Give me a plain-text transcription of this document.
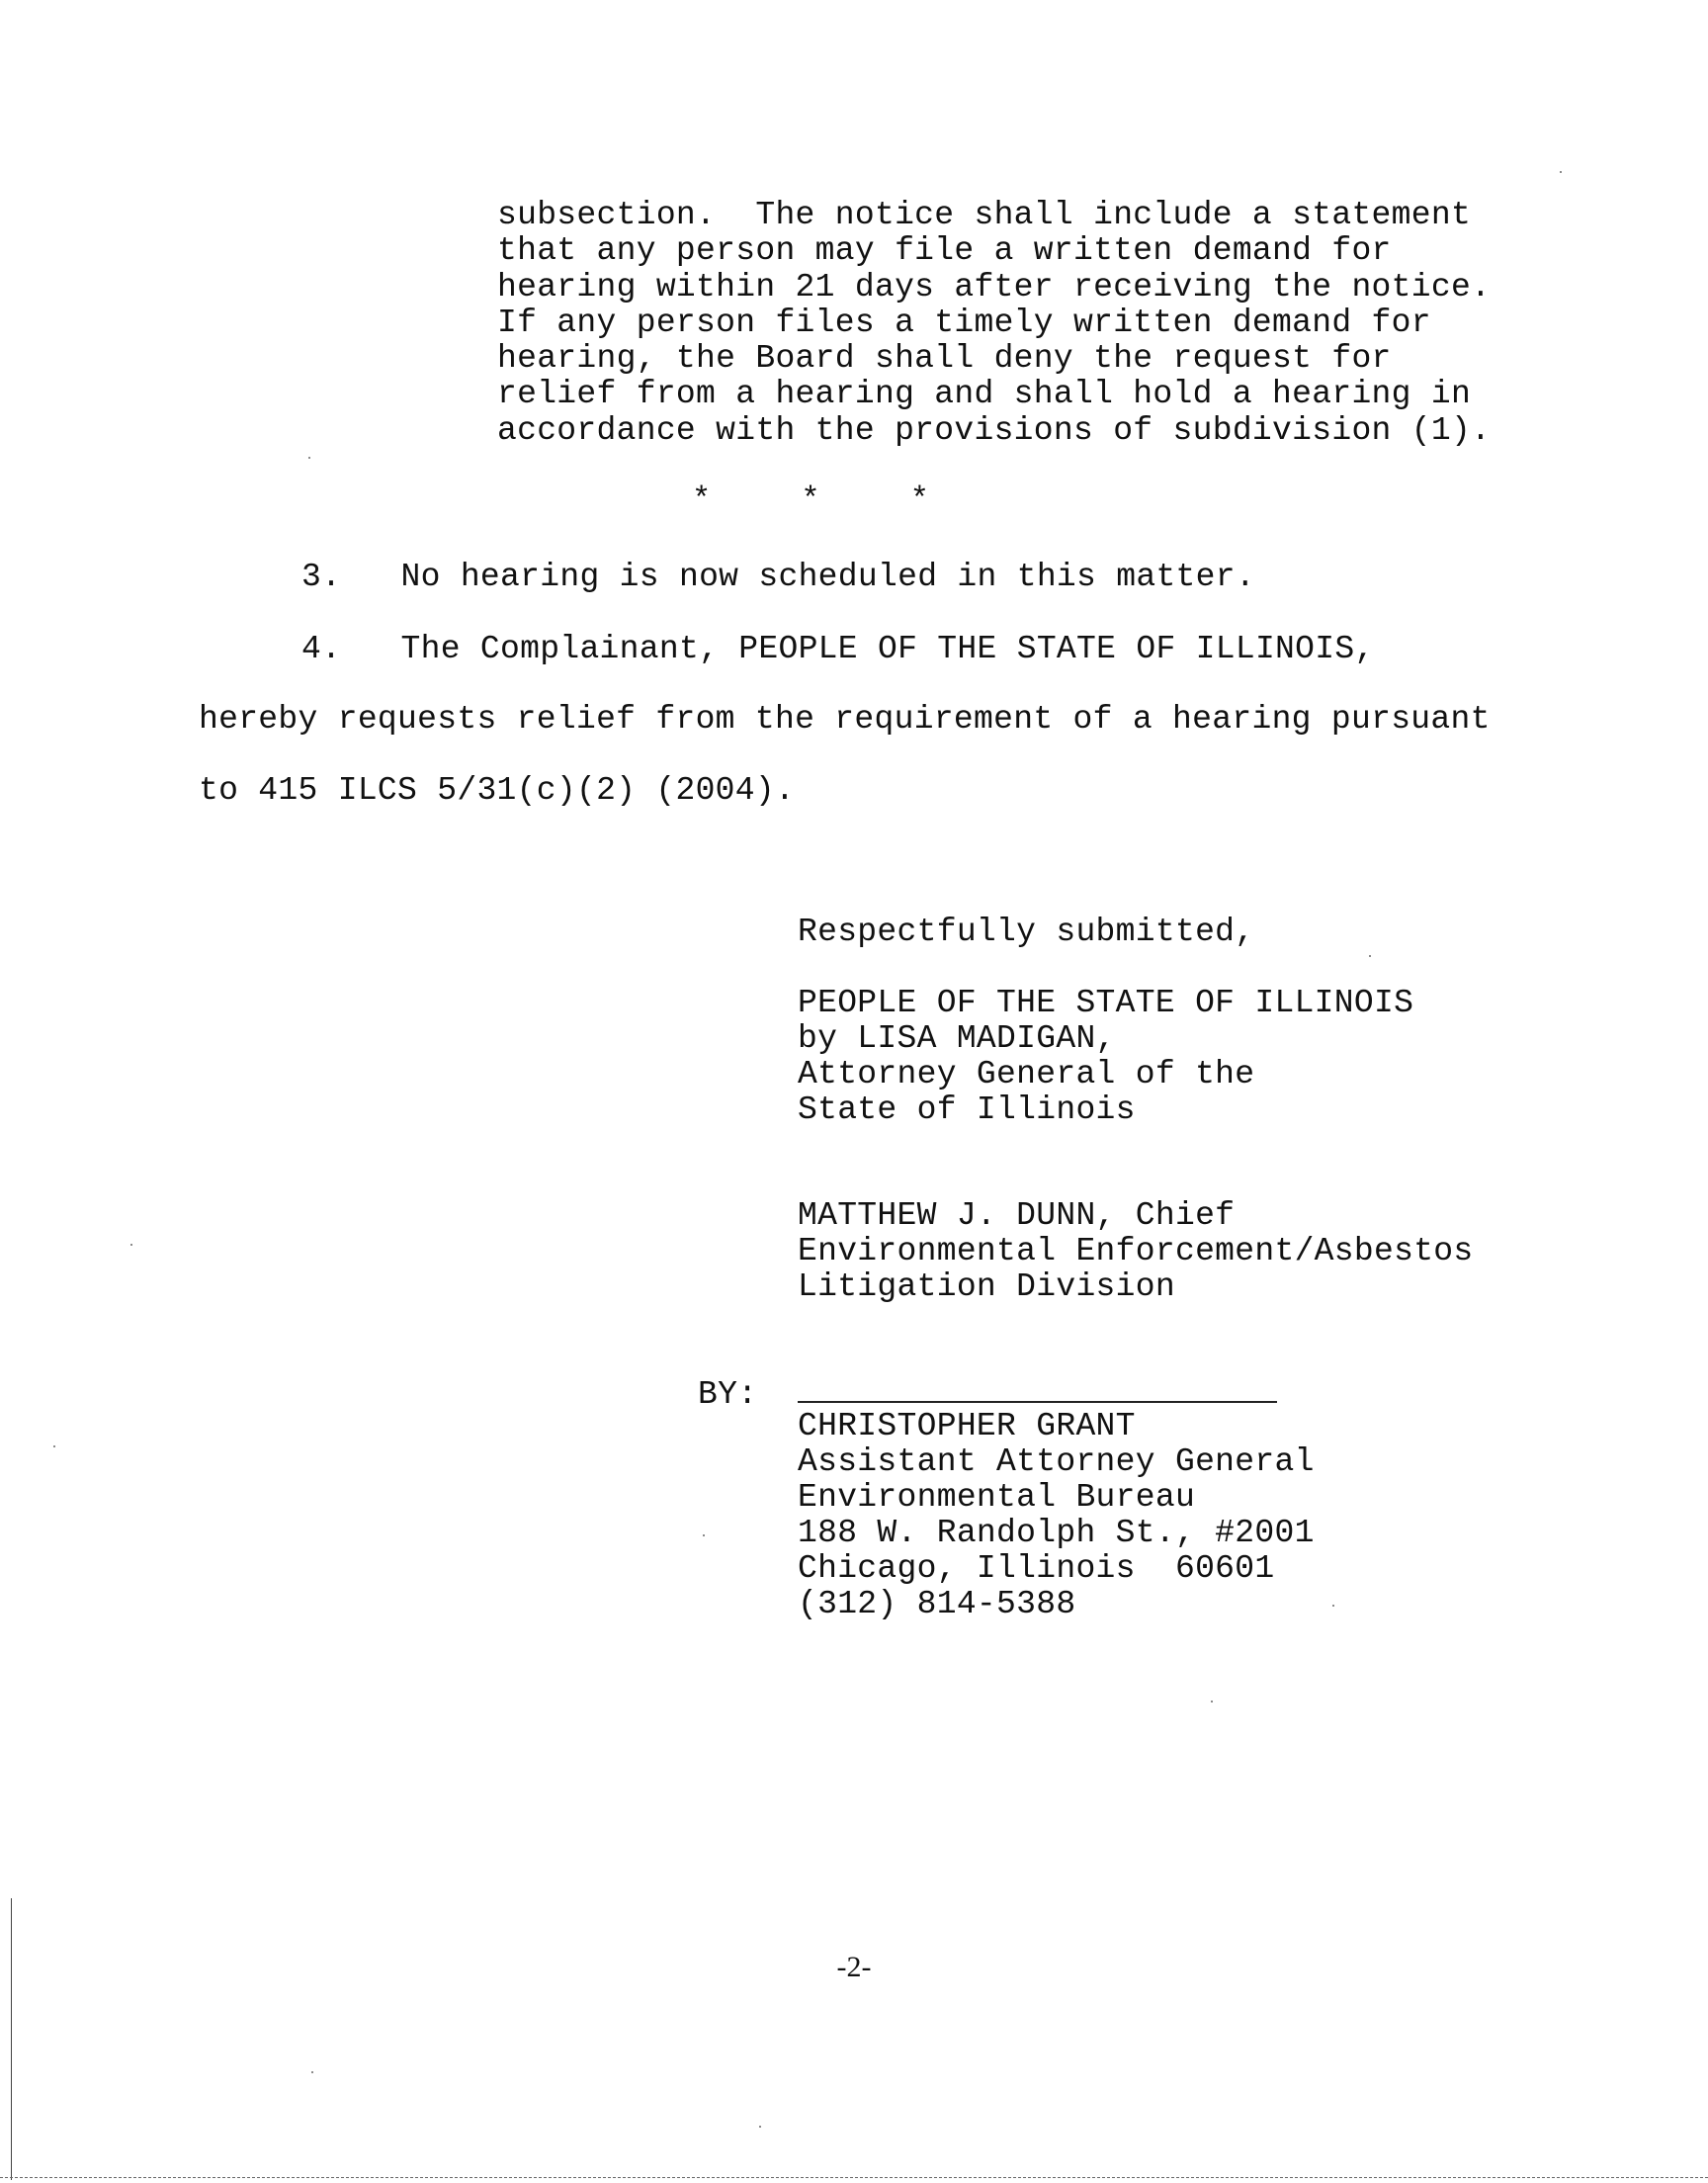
subsection.  The notice shall include a statement
that any person may file a written demand for
hearing within 21 days after receiving the notice.
If any person files a timely written demand for
hearing, the Board shall deny the request for
relief from a hearing and shall hold a hearing in
accordance with the provisions of subdivision (1).
*	*	*
3.   No hearing is now scheduled in this matter.
4.   The Complainant, PEOPLE OF THE STATE OF ILLINOIS,
hereby requests relief from the requirement of a hearing pursuant
to 415 ILCS 5/31(c)(2) (2004).
Respectfully submitted,
PEOPLE OF THE STATE OF ILLINOIS
by LISA MADIGAN,
Attorney General of the
State of Illinois
MATTHEW J. DUNN, Chief
Environmental Enforcement/Asbestos
Litigation Division
BY:
CHRISTOPHER GRANT
Assistant Attorney General
Environmental Bureau
188 W. Randolph St., #2001
Chicago, Illinois  60601
(312) 814-5388
-2-
